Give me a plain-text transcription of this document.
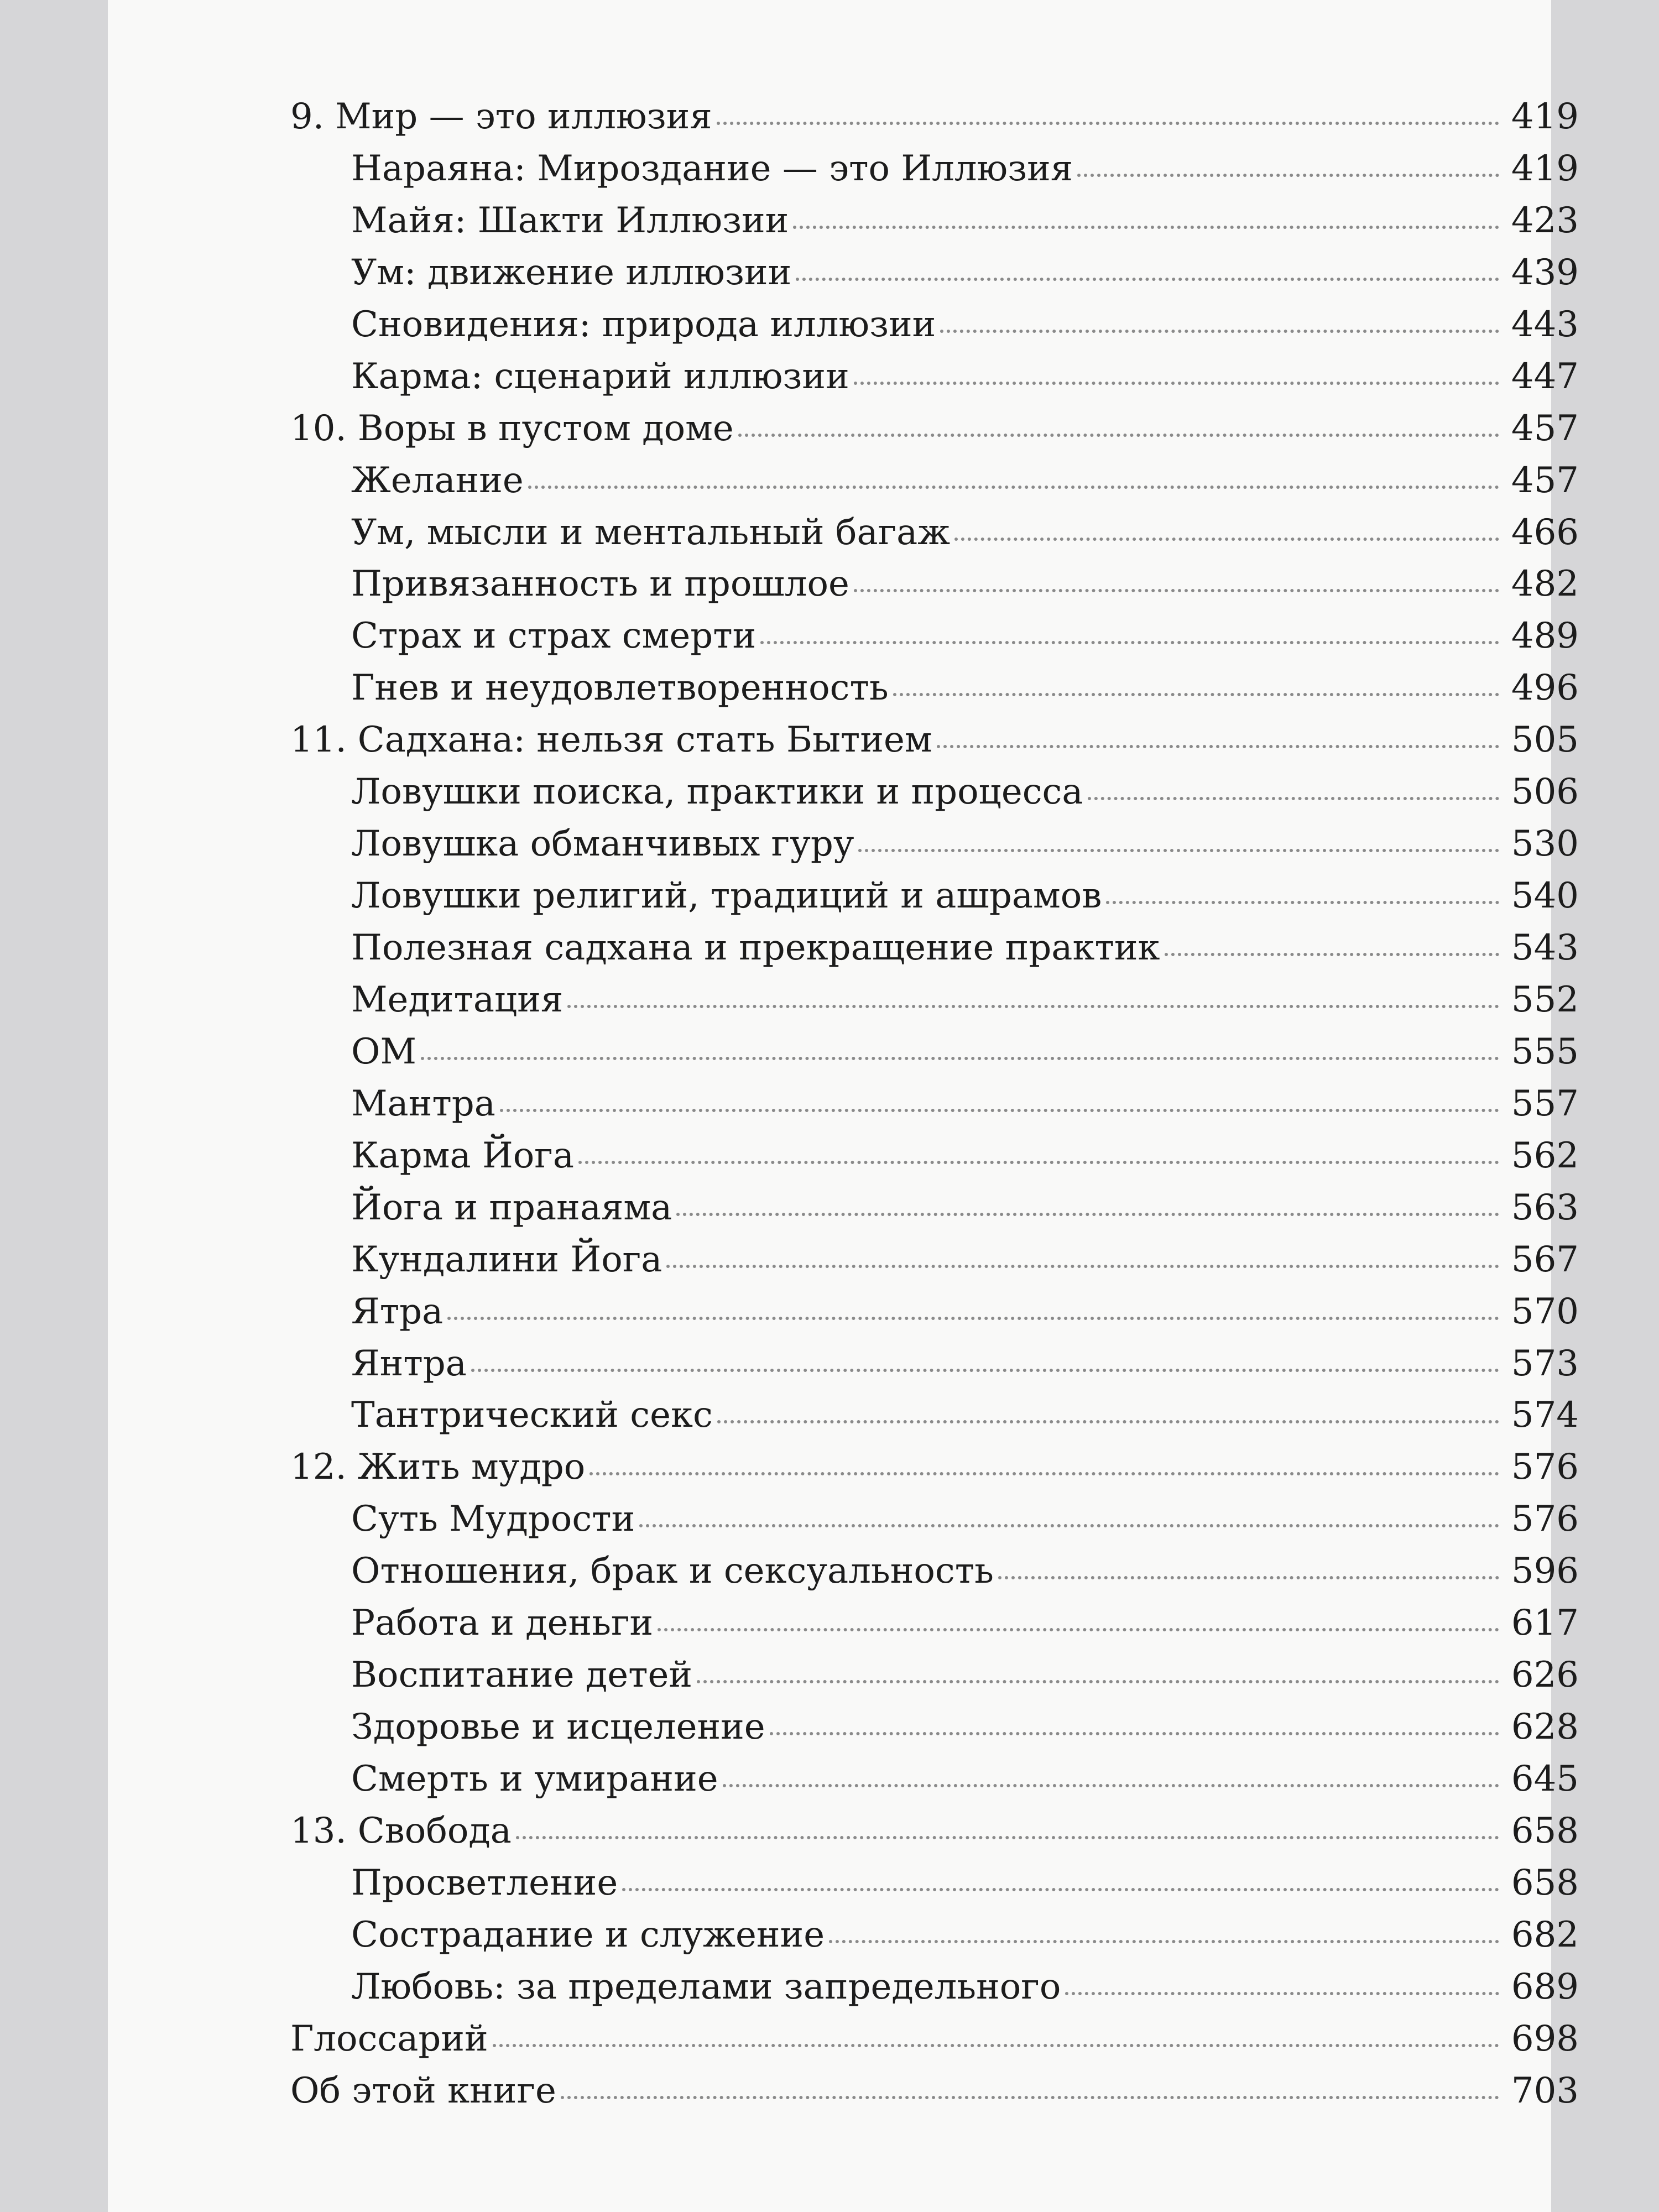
9. Мир — это иллюзия	419
Нараяна: Мироздание — это Иллюзия	419
Майя: Шакти Иллюзии	423
Ум: движение иллюзии	439
Сновидения: природа иллюзии	443
Карма: сценарий иллюзии	447
10. Воры в пустом доме	457
Желание	457
Ум, мысли и ментальный багаж	466
Привязанность и прошлое	482
Страх и страх смерти	489
Гнев и неудовлетворенность	496
11. Садхана: нельзя стать Бытием	505
Ловушки поиска, практики и процесса	506
Ловушка обманчивых гуру	530
Ловушки религий, традиций и ашрамов	540
Полезная садхана и прекращение практик	543
Медитация	552
ОМ	555
Мантра	557
Карма Йога	562
Йога и пранаяма	563
Кундалини Йога	567
Ятра	570
Янтра	573
Тантрический секс	574
12. Жить мудро	576
Суть Мудрости	576
Отношения, брак и сексуальность	596
Работа и деньги	617
Воспитание детей	626
Здоровье и исцеление	628
Смерть и умирание	645
13. Свобода	658
Просветление	658
Сострадание и служение	682
Любовь: за пределами запредельного	689
Глоссарий	698
Об этой книге	703
